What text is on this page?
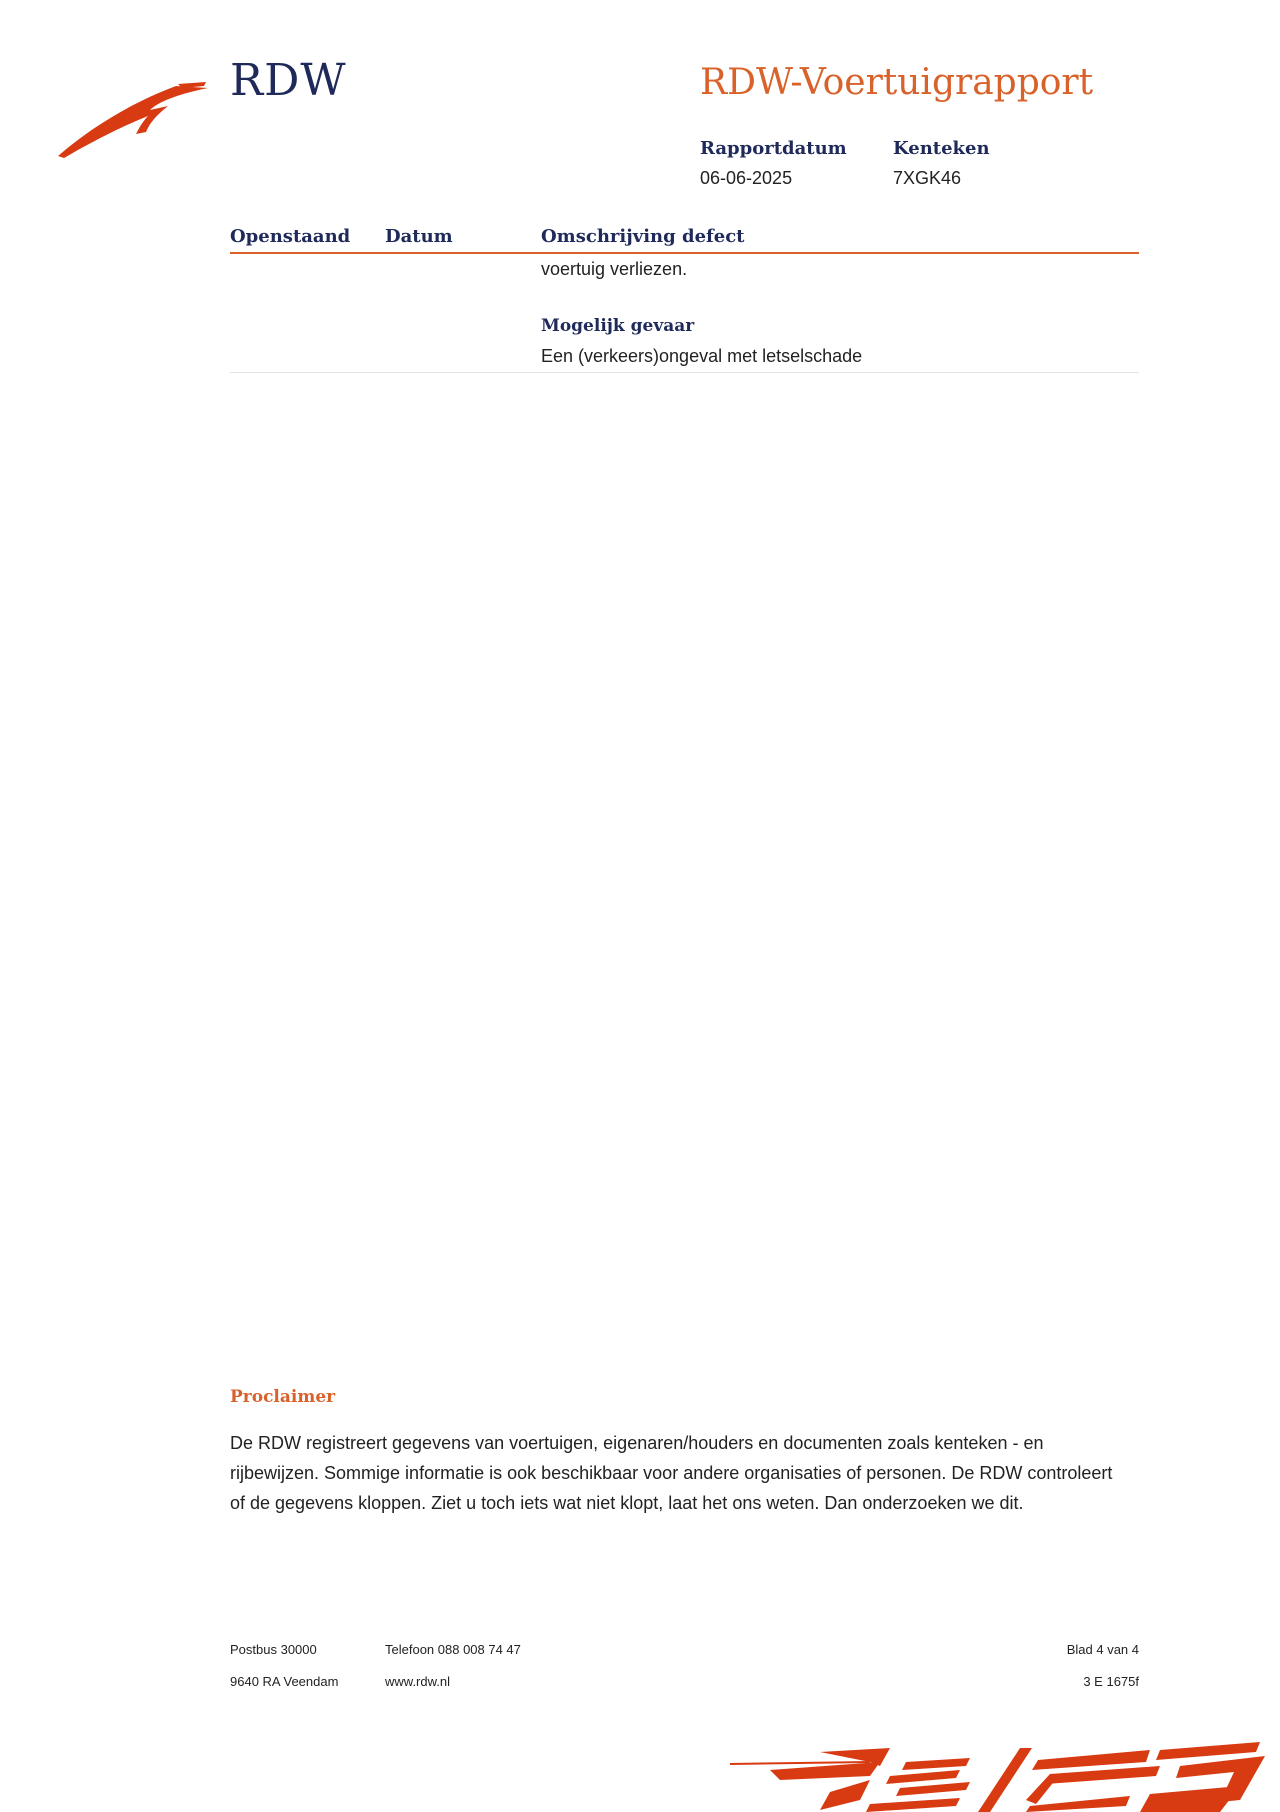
RDW	RDW-Voertuigrapport
Rapportdatum
06-06-2025
Kenteken
7XGK46
Openstaand Datum	Omschrijving defect
voertuig verliezen.
Mogelijk gevaar
Een (verkeers)ongeval met letselschade
Proclaimer
De RDW registreert gegevens van voertuigen, eigenaren/houders en documenten zoals kenteken - en rijbewijzen. Sommige informatie is ook beschikbaar voor andere organisaties of personen. De RDW controleert of de gegevens kloppen. Ziet u toch iets wat niet klopt, laat het ons weten. Dan onderzoeken we dit.
Postbus 30000
9640 RA Veendam
Telefoon 088 008 74 47
www.rdw.nl
Blad 4 van 4
3 E 1675f
